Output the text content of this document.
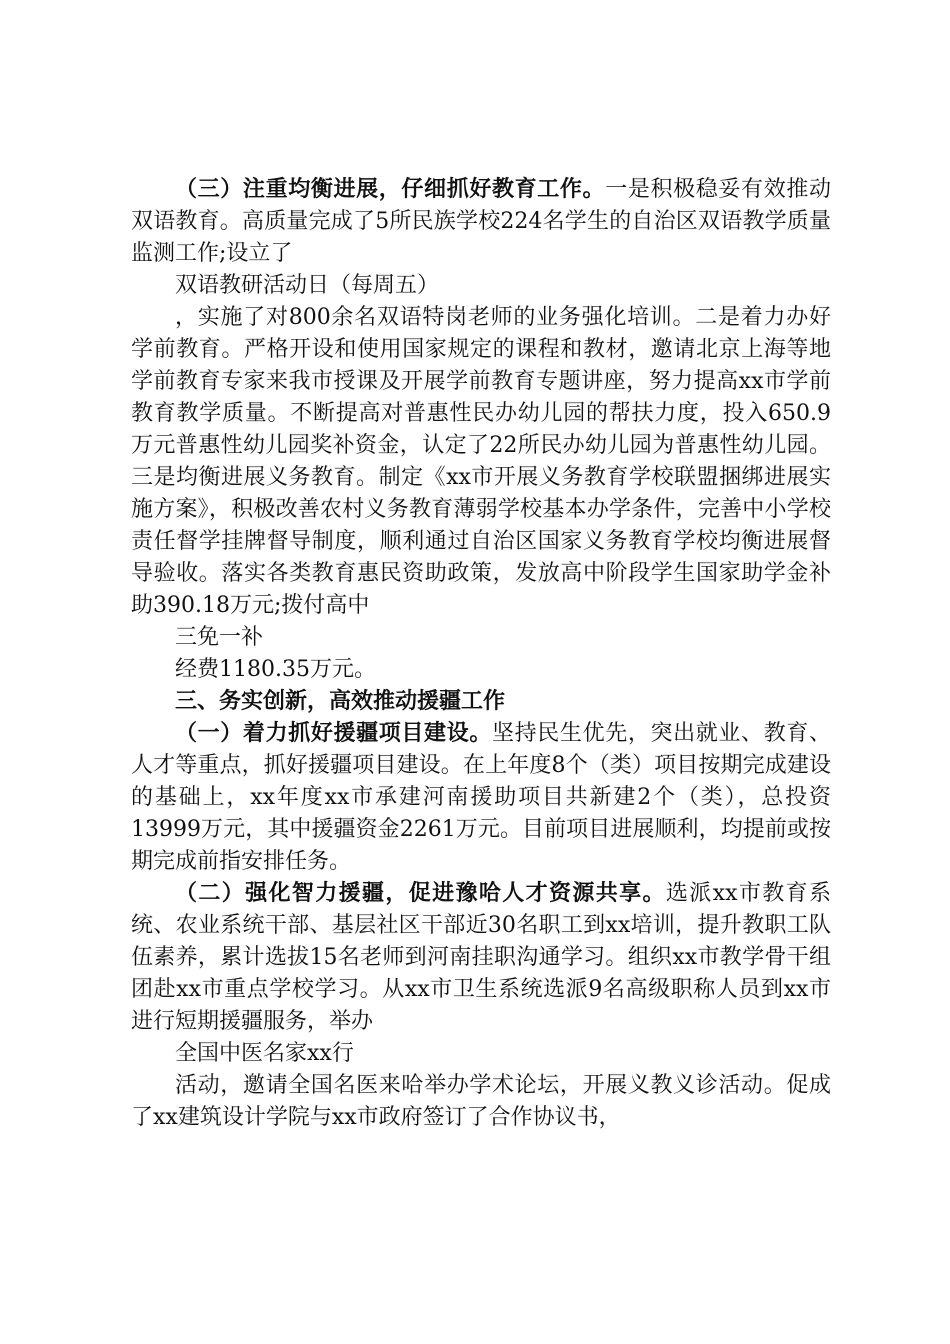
（三）注重均衡进展，仔细抓好教育工作。一是积极稳妥有效推动双语教育。高质量完成了5所民族学校224名学生的自治区双语教学质量监测工作;设立了

双语教研活动日（每周五）

，实施了对800余名双语特岗老师的业务强化培训。二是着力办好学前教育。严格开设和使用国家规定的课程和教材，邀请北京上海等地学前教育专家来我市授课及开展学前教育专题讲座，努力提高xx市学前教育教学质量。不断提高对普惠性民办幼儿园的帮扶力度，投入650.9万元普惠性幼儿园奖补资金，认定了22所民办幼儿园为普惠性幼儿园。三是均衡进展义务教育。制定《xx市开展义务教育学校联盟捆绑进展实施方案》，积极改善农村义务教育薄弱学校基本办学条件，完善中小学校责任督学挂牌督导制度，顺利通过自治区国家义务教育学校均衡进展督导验收。落实各类教育惠民资助政策，发放高中阶段学生国家助学金补助390.18万元;拨付高中

三免一补

经费1180.35万元。

三、务实创新，高效推动援疆工作

（一）着力抓好援疆项目建设。坚持民生优先，突出就业、教育、人才等重点，抓好援疆项目建设。在上年度8个（类）项目按期完成建设的基础上，xx年度xx市承建河南援助项目共新建2个（类），总投资13999万元，其中援疆资金2261万元。目前项目进展顺利，均提前或按期完成前指安排任务。

（二）强化智力援疆，促进豫哈人才资源共享。选派xx市教育系统、农业系统干部、基层社区干部近30名职工到xx培训，提升教职工队伍素养，累计选拔15名老师到河南挂职沟通学习。组织xx市教学骨干组团赴xx市重点学校学习。从xx市卫生系统选派9名高级职称人员到xx市进行短期援疆服务，举办

全国中医名家xx行

活动，邀请全国名医来哈举办学术论坛，开展义教义诊活动。促成了xx建筑设计学院与xx市政府签订了合作协议书，
